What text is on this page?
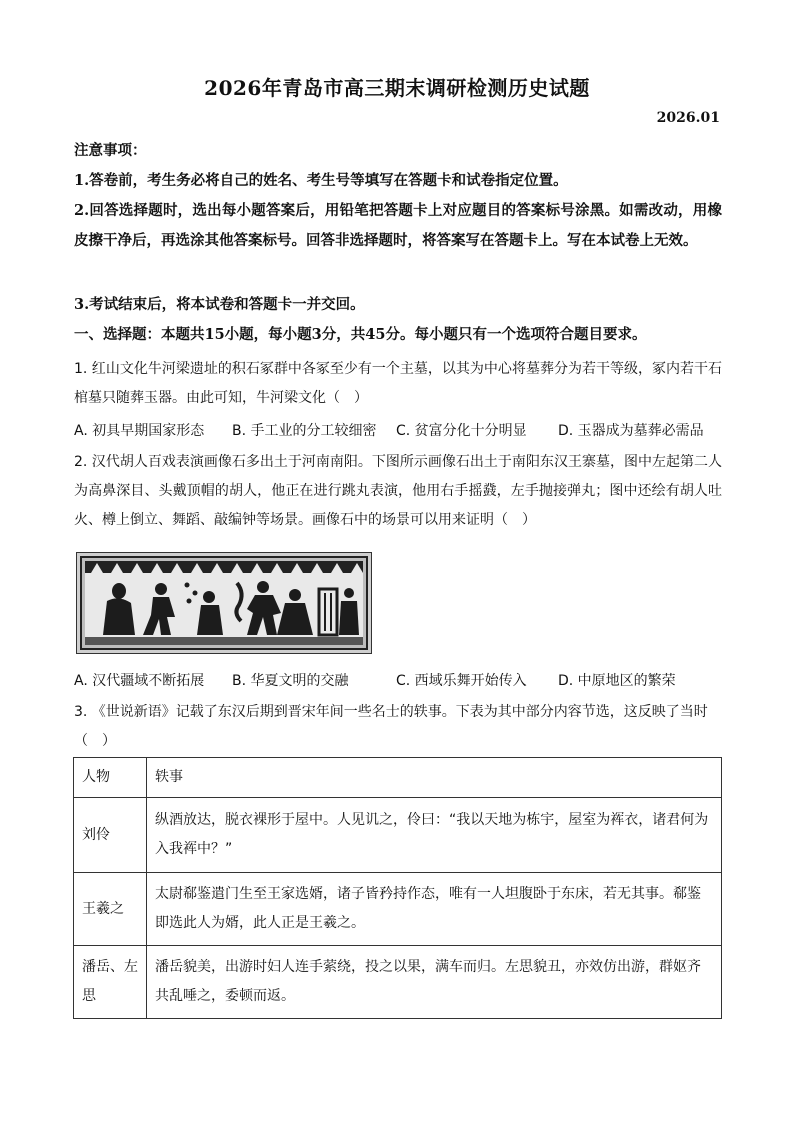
2026年青岛市高三期末调研检测历史试题
2026.01
注意事项：
1.答卷前，考生务必将自己的姓名、考生号等填写在答题卡和试卷指定位置。
2.回答选择题时，选出每小题答案后，用铅笔把答题卡上对应题目的答案标号涂黑。如需改动，用橡皮擦干净后，再选涂其他答案标号。回答非选择题时，将答案写在答题卡上。写在本试卷上无效。
3.考试结束后，将本试卷和答题卡一并交回。
一、选择题：本题共15小题，每小题3分，共45分。每小题只有一个选项符合题目要求。
1. 红山文化牛河梁遗址的积石冢群中各冢至少有一个主墓，以其为中心将墓葬分为若干等级，冢内若干石棺墓只随葬玉器。由此可知，牛河梁文化（　）
A. 初具早期国家形态 B. 手工业的分工较细密 C. 贫富分化十分明显 D. 玉器成为墓葬必需品
2. 汉代胡人百戏表演画像石多出土于河南南阳。下图所示画像石出土于南阳东汉王寨墓，图中左起第二人为高鼻深目、头戴顶帽的胡人，他正在进行跳丸表演，他用右手摇鼗，左手抛接弹丸；图中还绘有胡人吐火、樽上倒立、舞蹈、敲编钟等场景。画像石中的场景可以用来证明（　）
A. 汉代疆域不断拓展 B. 华夏文明的交融	C. 西域乐舞开始传入 D. 中原地区的繁荣
3. 《世说新语》记载了东汉后期到晋宋年间一些名士的轶事。下表为其中部分内容节选，这反映了当时（　）
人物	轶事
刘伶	纵酒放达，脱衣裸形于屋中。人见讥之，伶曰：“我以天地为栋宇，屋室为裈衣，诸君何为入我裈中？”
王羲之	太尉郗鉴遣门生至王家选婿，诸子皆矜持作态，唯有一人坦腹卧于东床，若无其事。郗鉴即选此人为婿，此人正是王羲之。
潘岳、左思	潘岳貌美，出游时妇人连手萦绕，投之以果，满车而归。左思貌丑，亦效仿出游，群妪齐共乱唾之，委顿而返。
